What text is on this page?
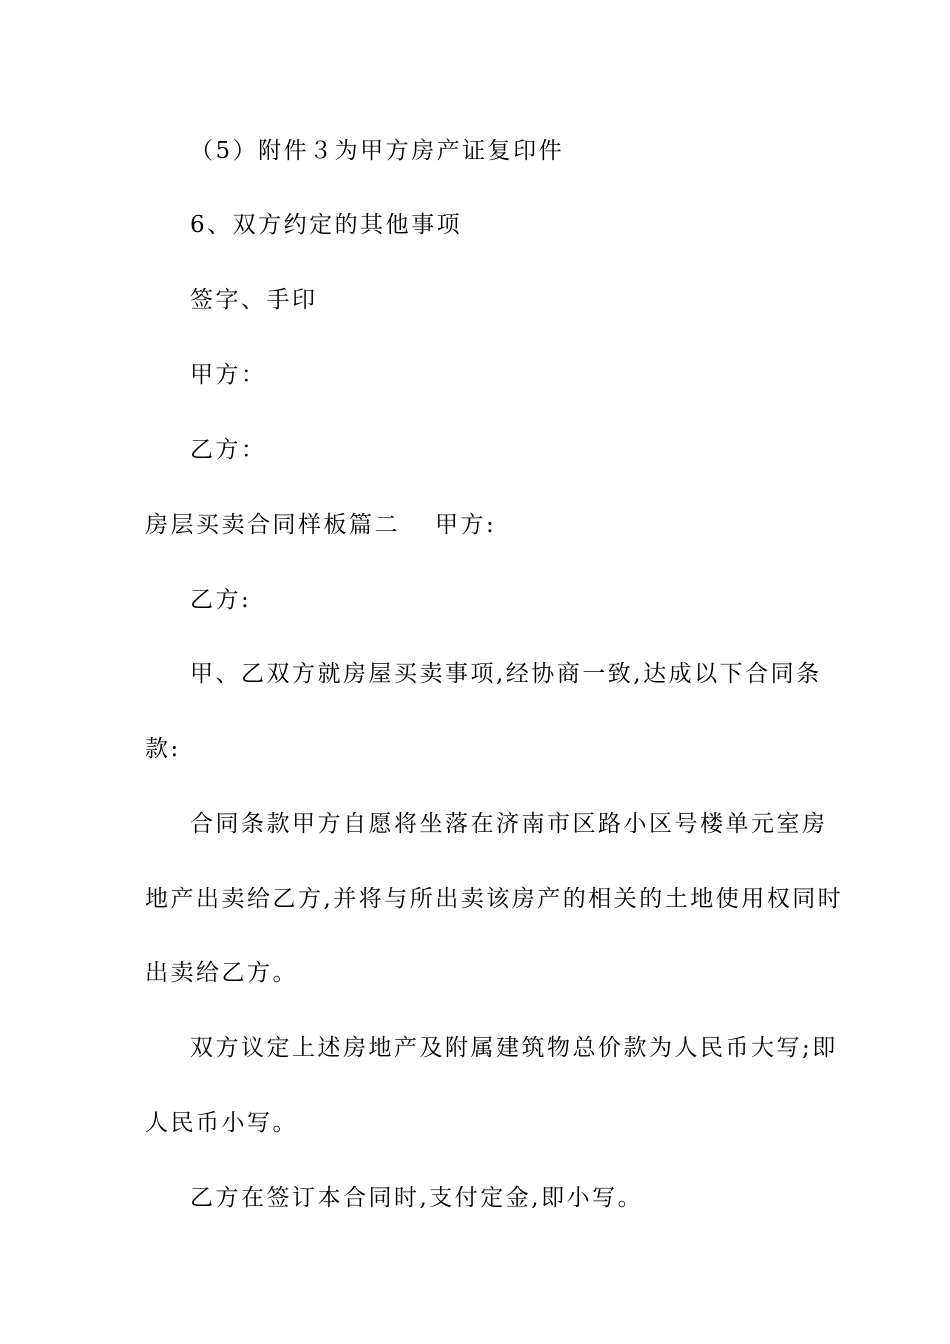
（5）附件３为甲方房产证复印件
6、双方约定的其他事项
签字、手印
甲方：
乙方：
房层买卖合同样板篇二 甲方:
乙方:
甲、乙双方就房屋买卖事项,经协商一致,达成以下合同条
款:
合同条款甲方自愿将坐落在济南市区路小区号楼单元室房
地产出卖给乙方,并将与所出卖该房产的相关的土地使用权同时
出卖给乙方。
双方议定上述房地产及附属建筑物总价款为人民币大写;即
人民币小写。
乙方在签订本合同时,支付定金,即小写。
